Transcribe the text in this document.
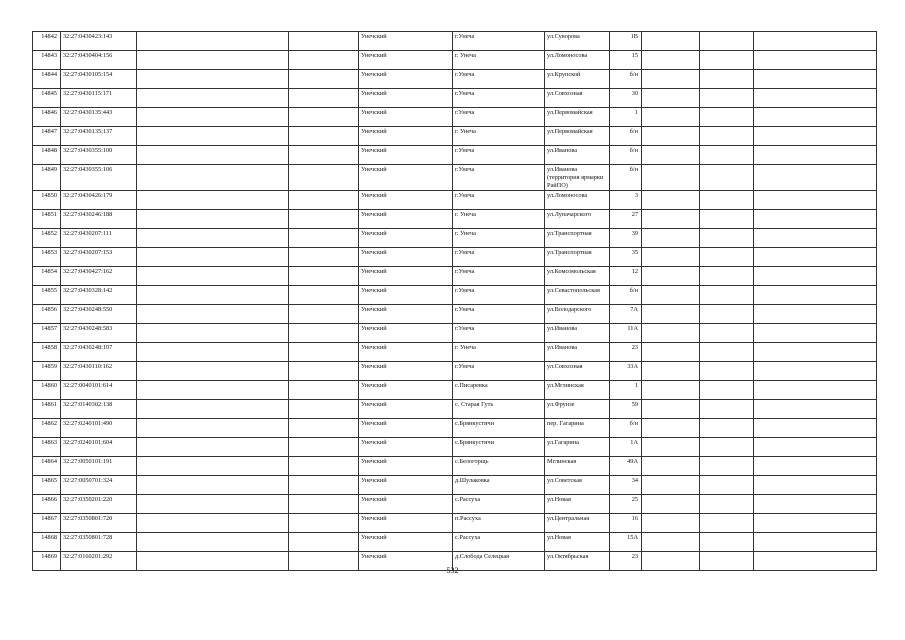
14842	32:27:0430423:143			Унечский	г.Унеча	ул.Суворова	1В			
14843	32:27:0430404:156			Унечский	г. Унеча	ул.Ломоносова	15			
14844	32:27:0430105:154			Унечский	г.Унеча	ул.Крупской	б/н			
14845	32:27:0430115:171			Унечский	г.Унеча	ул.Совхозная	30			
14846	32:27:0430135:443			Унечский	г.Унеча	ул.Первомайская	1			
14847	32:27:0430135:137			Унечский	г. Унеча	ул.Первомайская	б/н			
14848	32:27:0430355:100			Унечский	г.Унеча	ул.Иванова	б/н			
14849	32:27:0430355:106			Унечский	г.Унеча	ул.Иванова (территория ярмарки РайПО)	б/н			
14850	32:27:0430426:179			Унечский	г.Унеча	ул.Ломоносова	3			
14851	32:27:0430246:188			Унечский	г. Унеча	ул.Луначарского	27			
14852	32:27:0430207:111			Унечский	г. Унеча	ул.Транспортная	39			
14853	32:27:0430207:153			Унечский	г.Унеча	ул.Транспортная	35			
14854	32:27:0430427:162			Унечский	г.Унеча	ул.Комсомольская	12			
14855	32:27:0430328:142			Унечский	г.Унеча	ул.Севастопольская	б/н			
14856	32:27:0430248:550			Унечский	г.Унеча	ул.Володарского	7А			
14857	32:27:0430248:583			Унечский	г.Унеча	ул.Иванова	11А			
14858	32:27:0430248:107			Унечский	г. Унеча	ул.Иванова	23			
14859	32:27:0430110:162			Унечский	г.Унеча	ул.Совхозная	33А			
14860	32:27:0040101:614			Унечский	с.Писаревка	ул.Мглинская	1			
14861	32:27:0140302:138			Унечский	с. Старая Гуть	ул.Фрунзе	59			
14862	32:27:0240101:490			Унечский	с.Брянкустичи	пер. Гагарина	б/н			
14863	32:27:0240101:604			Унечский	с.Брянкустичи	ул.Гагарина	1А			
14864	32:27:0050101:191			Унечский	с.Белогорщь	Мглинская	49А			
14865	32:27:0050701:324			Унечский	д.Шулаковка	ул.Советская	34			
14866	32:27:0350201:220			Унечский	с.Рассуха	ул.Новая	25			
14867	32:27:0350801:720			Унечский	п.Рассуха	ул.Центральная	16			
14868	32:27:0350801:728			Унечский	с.Рассуха	ул.Новая	15А			
14869	32:27:0160201:292			Унечский	д.Слобода Селецкая	ул.Октябрьская	23			
532
